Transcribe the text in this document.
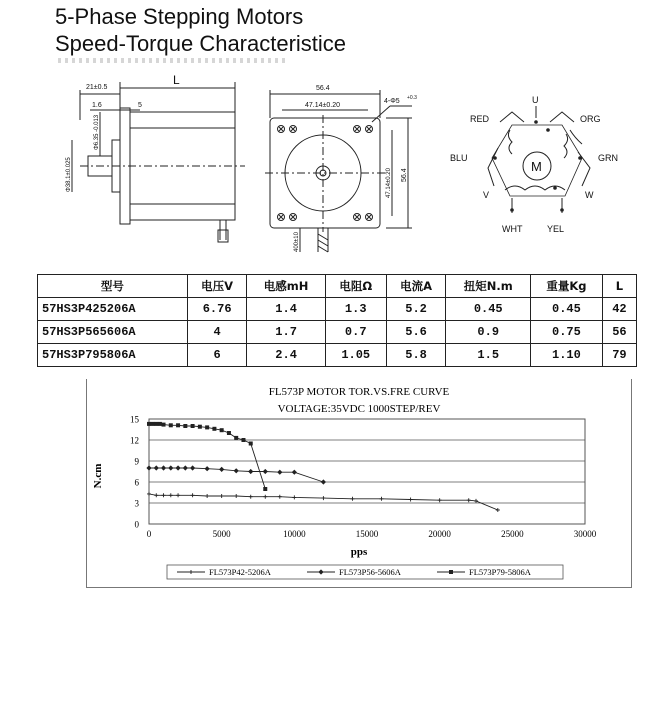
5-Phase Stepping Motors
Speed-Torque Characteristice
L
21±0.5
1.6	5
Φ6.35 -0.013
Φ38.1±0.025
56.4
47.14±0.20
4-Φ5 +0.3
47.14±0.20 56.4
400±10
U
RED	ORG
BLU	GRN
V	W
WHT	YEL
M
型号	电压V	电感mH	电阻Ω	电流A	扭矩N.m	重量Kg	L
57HS3P425206A	6.76	1.4	1.3	5.2	0.45	0.45	42
57HS3P565606A	4	1.7	0.7	5.6	0.9	0.75	56
57HS3P795806A	6	2.4	1.05	5.8	1.5	1.10	79
FL573P MOTOR TOR.VS.FRE CURVE
VOLTAGE:35VDC 1000STEP/REV
0
3
6
9
12
15
0	5000	10000	15000	20000	25000	30000
N.cm
pps
FL573P42-5206A	FL573P56-5606A	FL573P79-5806A
